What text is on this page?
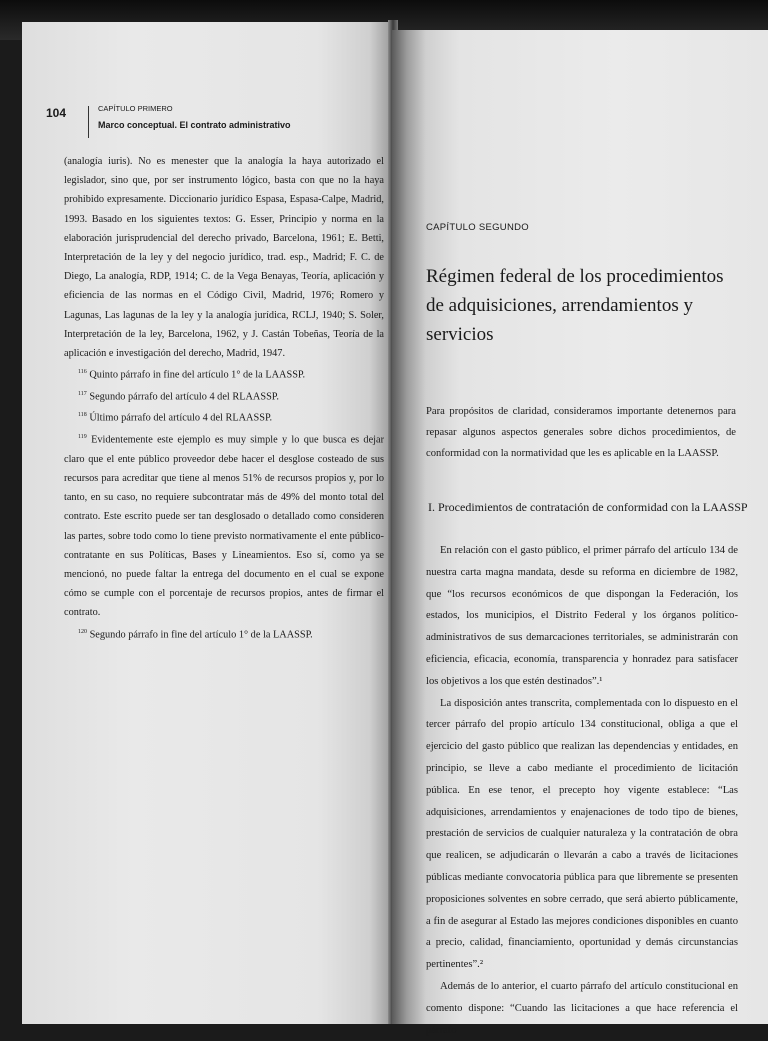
104	CAPÍTULO PRIMERO
Marco conceptual. El contrato administrativo

(analogía iuris). No es menester que la analogía la haya autorizado el legislador, sino que, por ser instrumento lógico, basta con que no la haya prohibido expresamente. Diccionario jurídico Espasa, Espasa-Calpe, Madrid, 1993. Basado en los siguientes textos: G. Esser, Principio y norma en la elaboración jurisprudencial del derecho privado, Barcelona, 1961; E. Betti, Interpretación de la ley y del negocio jurídico, trad. esp., Madrid; F. C. de Diego, La analogía, RDP, 1914; C. de la Vega Benayas, Teoría, aplicación y eficiencia de las normas en el Código Civil, Madrid, 1976; Romero y Lagunas, Las lagunas de la ley y la analogía jurídica, RCLJ, 1940; S. Soler, Interpretación de la ley, Barcelona, 1962, y J. Castán Tobeñas, Teoría de la aplicación e investigación del derecho, Madrid, 1947.

$^{116}$ Quinto párrafo in fine del artículo 1° de la LAASSP.

$^{117}$ Segundo párrafo del artículo 4 del RLAASSP.

$^{118}$ Último párrafo del artículo 4 del RLAASSP.

$^{119}$ Evidentemente este ejemplo es muy simple y lo que busca es dejar claro que el ente público proveedor debe hacer el desglose costeado de sus recursos para acreditar que tiene al menos 51% de recursos propios y, por lo tanto, en su caso, no requiere subcontratar más de 49% del monto total del contrato. Este escrito puede ser tan desglosado o detallado como consideren las partes, sobre todo como lo tiene previsto normativamente el ente público-contratante en sus Políticas, Bases y Lineamientos. Eso sí, como ya se mencionó, no puede faltar la entrega del documento en el cual se expone cómo se cumple con el porcentaje de recursos propios, antes de firmar el contrato.

$^{120}$ Segundo párrafo in fine del artículo 1° de la LAASSP.

CAPÍTULO SEGUNDO
Régimen federal de los procedimientos
de adquisiciones, arrendamientos y servicios

Para propósitos de claridad, consideramos importante detenernos para repasar algunos aspectos generales sobre dichos procedimientos, de conformidad con la normatividad que les es aplicable en la LAASSP.

I. Procedimientos de contratación de conformidad con la LAASSP

En relación con el gasto público, el primer párrafo del artículo 134 de nuestra carta magna mandata, desde su reforma en diciembre de 1982, que “los recursos económicos de que dispongan la Federación, los estados, los municipios, el Distrito Federal y los órganos político-administrativos de sus demarcaciones territoriales, se administrarán con eficiencia, eficacia, economía, transparencia y honradez para satisfacer los objetivos a los que estén destinados”.¹

La disposición antes transcrita, complementada con lo dispuesto en el tercer párrafo del propio artículo 134 constitucional, obliga a que el ejercicio del gasto público que realizan las dependencias y entidades, en principio, se lleve a cabo mediante el procedimiento de licitación pública. En ese tenor, el precepto hoy vigente establece: “Las adquisiciones, arrendamientos y enajenaciones de todo tipo de bienes, prestación de servicios de cualquier naturaleza y la contratación de obra que realicen, se adjudicarán o llevarán a cabo a través de licitaciones públicas mediante convocatoria pública para que libremente se presenten proposiciones solventes en sobre cerrado, que será abierto públicamente, a fin de asegurar al Estado las mejores condiciones disponibles en cuanto a precio, calidad, financiamiento, oportunidad y demás circunstancias pertinentes”.²

Además de lo anterior, el cuarto párrafo del artículo constitucional en comento dispone: “Cuando las licitaciones a que hace referencia el párrafo
